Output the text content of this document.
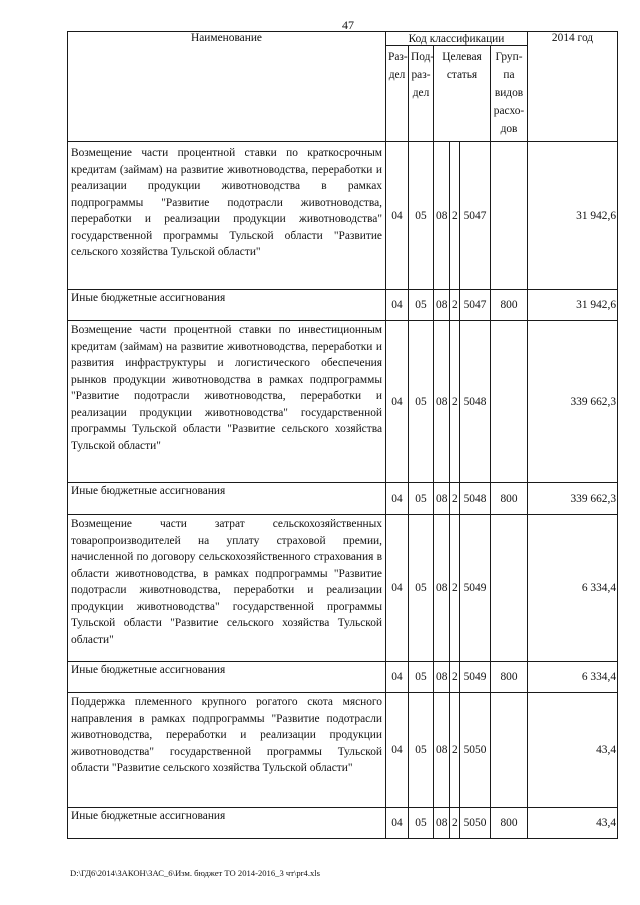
47
Наименование	Код классификации						2014 год
	Раз-дел	Под-раз-дел	Целевая статья			Груп-па видов расхо-дов	
Возмещение части процентной ставки по краткосрочным кредитам (займам) на развитие животноводства, переработки и реализации продукции животноводства в рамках подпрограммы "Развитие подотрасли животноводства, переработки и реализации продукции животноводства" государственной программы Тульской области "Развитие сельского хозяйства Тульской области"	04	05	08	2	5047		31 942,6
Иные бюджетные ассигнования	04	05	08	2	5047	800	31 942,6
Возмещение части процентной ставки по инвестиционным кредитам (займам) на развитие животноводства, переработки и развития инфраструктуры и логистического обеспечения рынков продукции животноводства в рамках подпрограммы "Развитие подотрасли животноводства, переработки и реализации продукции животноводства" государственной программы Тульской области "Развитие сельского хозяйства Тульской области"	04	05	08	2	5048		339 662,3
Иные бюджетные ассигнования	04	05	08	2	5048	800	339 662,3
Возмещение части затрат сельскохозяйственных товаропроизводителей на уплату страховой премии, начисленной по договору сельскохозяйственного страхования в области животноводства, в рамках подпрограммы "Развитие подотрасли животноводства, переработки и реализации продукции животноводства" государственной программы Тульской области "Развитие сельского хозяйства Тульской области"	04	05	08	2	5049		6 334,4
Иные бюджетные ассигнования	04	05	08	2	5049	800	6 334,4
Поддержка племенного крупного рогатого скота мясного направления в рамках подпрограммы "Развитие подотрасли животноводства, переработки и реализации продукции животноводства" государственной программы Тульской области "Развитие сельского хозяйства Тульской области"	04	05	08	2	5050		43,4
Иные бюджетные ассигнования	04	05	08	2	5050	800	43,4
D:\ГД6\2014\ЗАКОН\ЗАС_6\Изм. бюджет ТО 2014-2016_3 чт\pr4.xls
